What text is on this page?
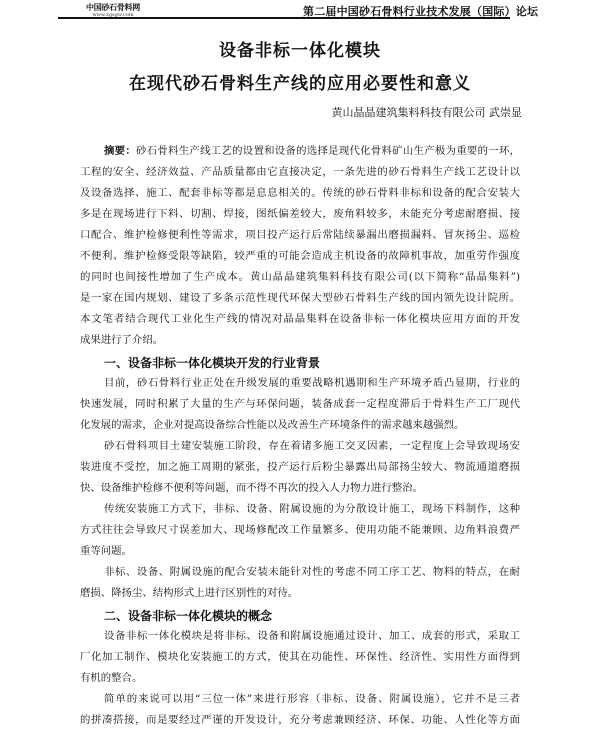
中国砂石骨料网
www.zgsgw.com	第二届中国砂石骨料行业技术发展（国际）论坛
设备非标一体化模块
在现代砂石骨料生产线的应用必要性和意义
黄山晶晶建筑集料科技有限公司 武崇显
摘要：砂石骨料生产线工艺的设置和设备的选择是现代化骨料矿山生产极为重要的一环，
工程的安全、经济效益、产品质量都由它直接决定，一条先进的砂石骨料生产线工艺设计以
及设备选择、施工、配套非标等都是息息相关的。传统的砂石骨料非标和设备的配合安装大
多是在现场进行下料、切割、焊接，图纸偏差较大，废角料较多，未能充分考虑耐磨损、接
口配合、维护检修便利性等需求，项目投产运行后常陆续暴漏出磨损漏料、冒灰扬尘、巡检
不便利、维护检修受限等缺陷，较严重的可能会造成主机设备的故障机事故，加重劳作强度
的同时也间接性增加了生产成本。黄山晶晶建筑集料科技有限公司(以下简称“晶晶集料”)
是一家在国内规划、建设了多条示范性现代环保大型砂石骨料生产线的国内领先设计院所。
本文笔者结合现代工业化生产线的情况对晶晶集料在设备非标一体化模块应用方面的开发
成果进行了介绍。
一、设备非标一体化模块开发的行业背景
目前，砂石骨料行业正处在升级发展的重要战略机遇期和生产环境矛盾凸显期，行业的
快速发展，同时积累了大量的生产与环保问题，装备成套一定程度滞后于骨料生产工厂现代
化发展的需求，企业对提高设备综合性能以及改善生产环境条件的需求越来越强烈。
砂石骨料项目土建安装施工阶段，存在着诸多施工交叉因素，一定程度上会导致现场安
装进度不受控，加之施工周期的紧张，投产运行后粉尘暴露出局部扬尘较大、物流通道磨损
快、设备维护检修不便利等问题，而不得不再次的投入人力物力进行整治。
传统安装施工方式下，非标、设备、附属设施的为分散设计施工，现场下料制作，这种
方式往往会导致尺寸误差加大、现场修配改工作量繁多、使用功能不能兼顾、边角料浪费严
重等问题。
非标、设备、附属设施的配合安装未能针对性的考虑不同工序工艺、物料的特点，在耐
磨损、降扬尘、结构形式上进行区别性的对待。
二、设备非标一体化模块的概念
设备非标一体化模块是将非标、设备和附属设施通过设计、加工、成套的形式，采取工
厂化加工制作、模块化安装施工的方式，使其在功能性、环保性、经济性、实用性方面得到
有机的整合。
简单的来说可以用“三位一体”来进行形容（非标、设备、附属设施），它并不是三者
的拼凑搭接，而是要经过严谨的开发设计，充分考虑兼顾经济、环保、功能、人性化等方面
